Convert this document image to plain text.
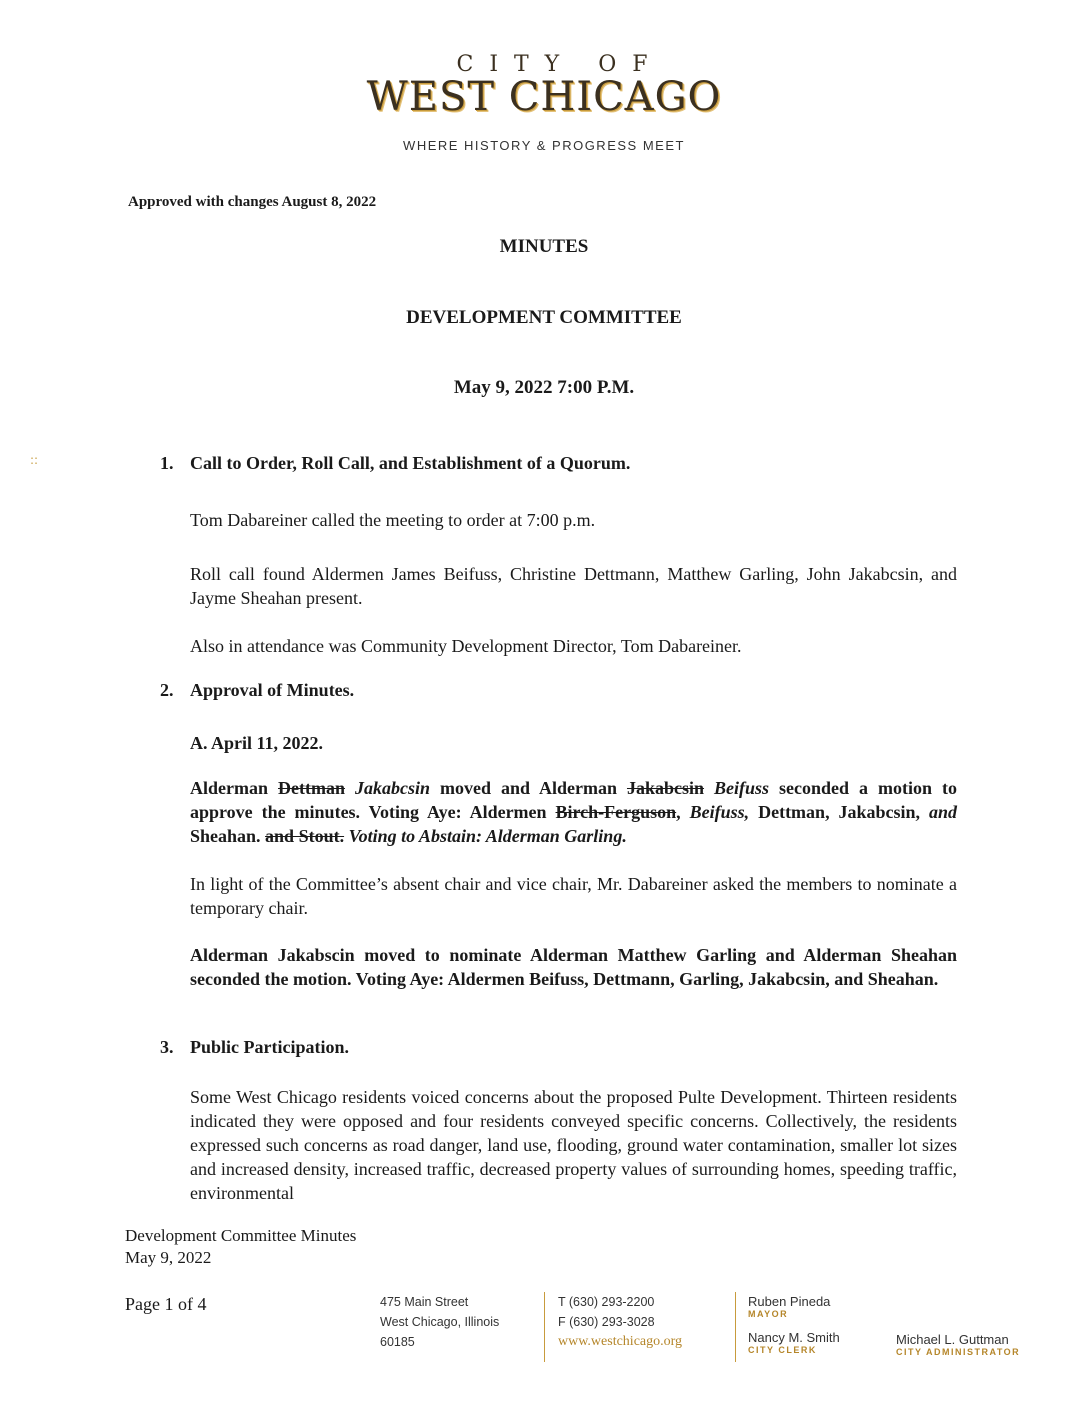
CITY OF
WEST CHICAGO
WHERE HISTORY & PROGRESS MEET
Approved with changes August 8, 2022
MINUTES
DEVELOPMENT COMMITTEE
May 9, 2022 7:00 P.M.
::	1. Call to Order, Roll Call, and Establishment of a Quorum.
Tom Dabareiner called the meeting to order at 7:00 p.m.
Roll call found Aldermen James Beifuss, Christine Dettmann, Matthew Garling, John Jakabcsin, and Jayme Sheahan present.
Also in attendance was Community Development Director, Tom Dabareiner.
2. Approval of Minutes.
A. April 11, 2022.
Alderman Dettman Jakabcsin moved and Alderman Jakabcsin Beifuss seconded a motion to approve the minutes. Voting Aye: Aldermen Birch-Ferguson, Beifuss, Dettman, Jakabcsin, and Sheahan. and Stout. Voting to Abstain: Alderman Garling.
In light of the Committee’s absent chair and vice chair, Mr. Dabareiner asked the members to nominate a temporary chair.
Alderman Jakabscin moved to nominate Alderman Matthew Garling and Alderman Sheahan seconded the motion. Voting Aye: Aldermen Beifuss, Dettmann, Garling, Jakabcsin, and Sheahan.
3. Public Participation.
Some West Chicago residents voiced concerns about the proposed Pulte Development. Thirteen residents indicated they were opposed and four residents conveyed specific concerns. Collectively, the residents expressed such concerns as road danger, land use, flooding, ground water contamination, smaller lot sizes and increased density, increased traffic, decreased property values of surrounding homes, speeding traffic, environmental
Development Committee Minutes
May 9, 2022
Page 1 of 4	475 Main Street
West Chicago, Illinois
60185
T (630) 293-2200
F (630) 293-3028
www.westchicago.org
Ruben Pineda
MAYOR
Nancy M. Smith
CITY CLERK
Michael L. Guttman
CITY ADMINISTRATOR
